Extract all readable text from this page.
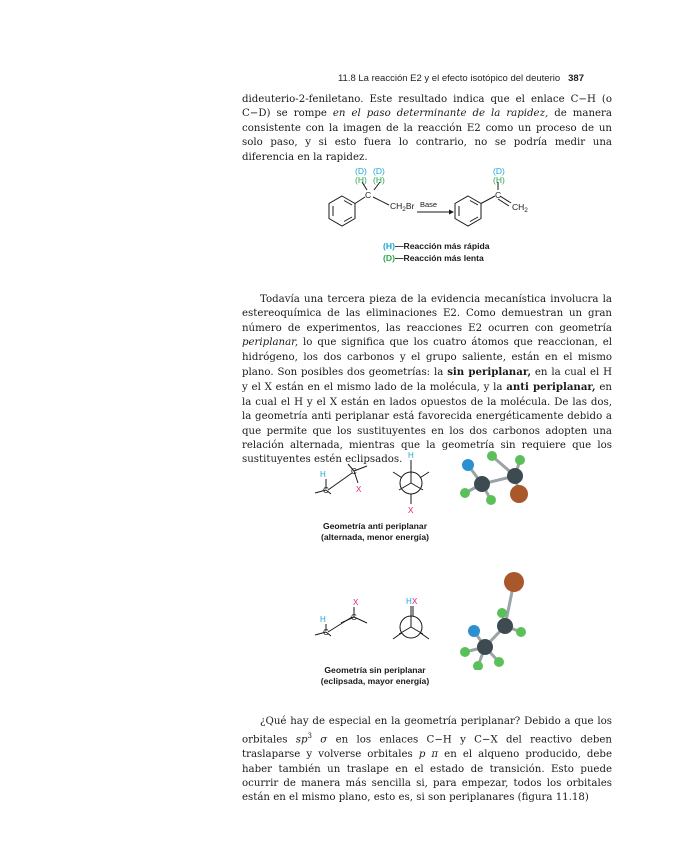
11.8 La reacción E2 y el efecto isotópico del deuterio 387

dideuterio-2-feniletano. Este resultado indica que el enlace C−H (o C−D) se rompe en el paso determinante de la rapidez, de manera consistente con la imagen de la reacción E2 como un proceso de un solo paso, y si esto fuera lo contrario, no se podría medir una diferencia en la rapidez.

(D) (D)
(H) (H)
C
$CH_2Br$ Base
(D)
(H)
C
$CH_2$
(H)—Reacción más rápida
(D)—Reacción más lenta

Todavía una tercera pieza de la evidencia mecanística involucra la estereoquímica de las eliminaciones E2. Como demuestran un gran número de experimentos, las reacciones E2 ocurren con geometría periplanar, lo que significa que los cuatro átomos que reaccionan, el hidrógeno, los dos carbonos y el grupo saliente, están en el mismo plano. Son posibles dos geometrías: la sin periplanar, en la cual el H y el X están en el mismo lado de la molécula, y la anti periplanar, en la cual el H y el X están en lados opuestos de la molécula. De las dos, la geometría anti periplanar está favorecida energéticamente debido a que permite que los sustituyentes en los dos carbonos adopten una relación alternada, mientras que la geometría sin requiere que los sustituyentes estén eclipsados.

H
C
C
X
H
X
Geometría anti periplanar
(alternada, menor energía)
H
C
C
X	H X
Geometría sin periplanar
(eclipsada, mayor energía)

¿Qué hay de especial en la geometría periplanar? Debido a que los orbitales $sp^3$ σ en los enlaces C−H y C−X del reactivo deben traslaparse y volverse orbitales p π en el alqueno producido, debe haber también un traslape en el estado de transición. Esto puede ocurrir de manera más sencilla si, para empezar, todos los orbitales están en el mismo plano, esto es, si son periplanares (figura 11.18)
